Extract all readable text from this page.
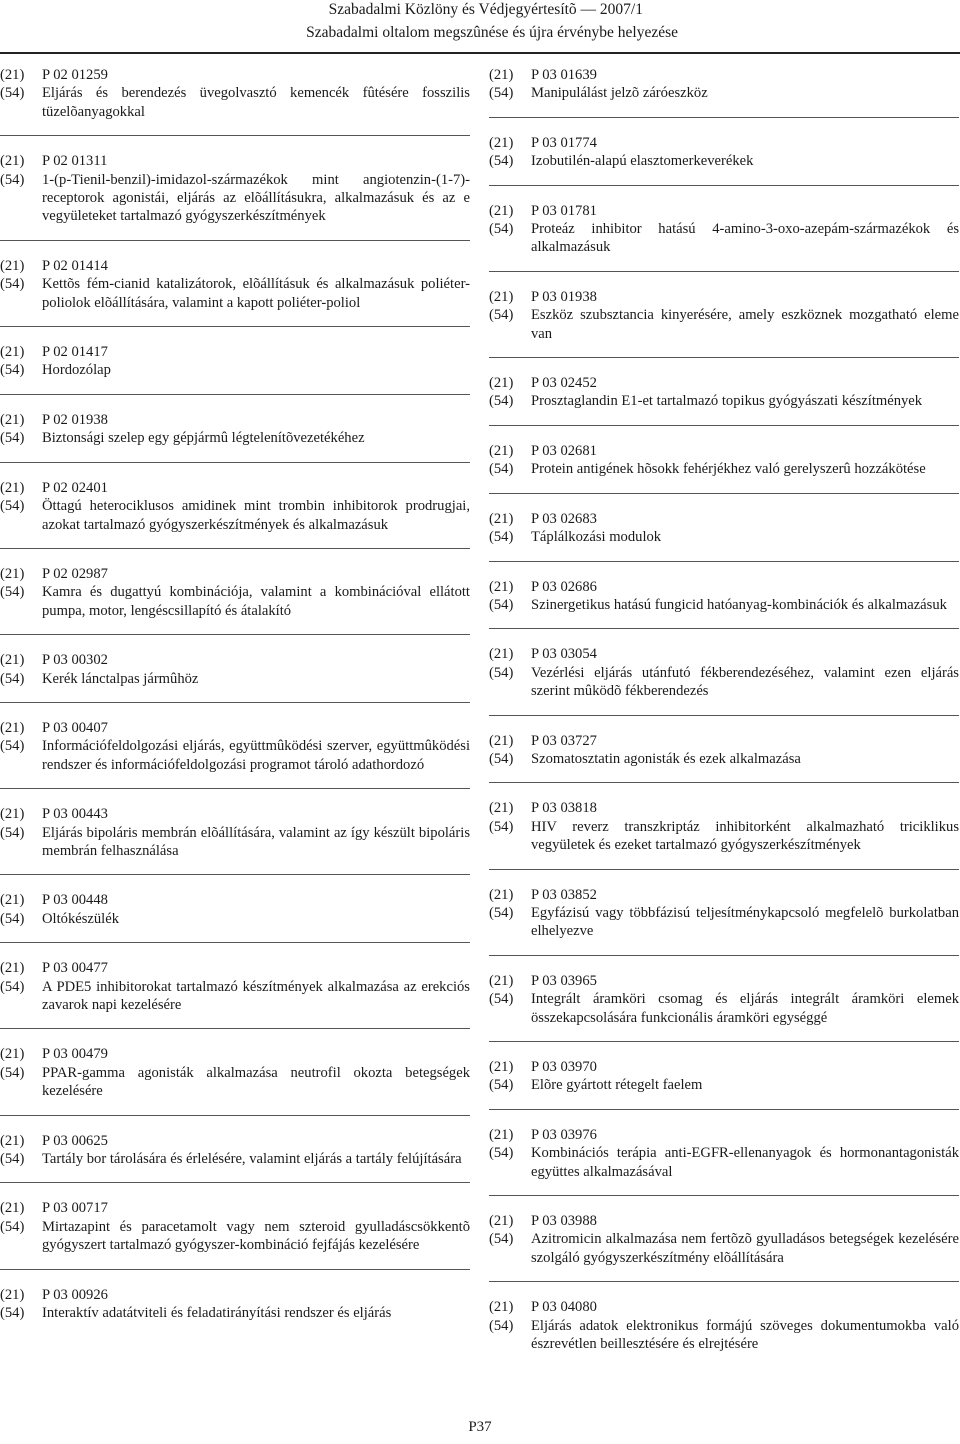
Szabadalmi Közlöny és Védjegyértesítõ — 2007/1
Szabadalmi oltalom megszûnése és újra érvénybe helyezése
(21)	P 02 01259
(54)	Eljárás és berendezés üvegolvasztó kemencék fûtésére fosszilis tüzelõanyagokkal
(21)	P 02 01311
(54)	1-(p-Tienil-benzil)-imidazol-származékok mint angiotenzin-(1-7)-receptorok agonistái, eljárás az elõállításukra, alkalmazásuk és az e vegyületeket tartalmazó gyógyszerkészítmények
(21)	P 02 01414
(54)	Kettõs fém-cianid katalizátorok, elõállításuk és alkalmazásuk poliéter-poliolok elõállítására, valamint a kapott poliéter-poliol
(21)	P 02 01417
(54)	Hordozólap
(21)	P 02 01938
(54)	Biztonsági szelep egy gépjármû légtelenítõvezetékéhez
(21)	P 02 02401
(54)	Öttagú heterociklusos amidinek mint trombin inhibitorok prodrugjai, azokat tartalmazó gyógyszerkészítmények és alkalmazásuk
(21)	P 02 02987
(54)	Kamra és dugattyú kombinációja, valamint a kombinációval ellátott pumpa, motor, lengéscsillapító és átalakító
(21)	P 03 00302
(54)	Kerék lánctalpas jármûhöz
(21)	P 03 00407
(54)	Információfeldolgozási eljárás, együttmûködési szerver, együttmûködési rendszer és információfeldolgozási programot tároló adathordozó
(21)	P 03 00443
(54)	Eljárás bipoláris membrán elõállítására, valamint az így készült bipoláris membrán felhasználása
(21)	P 03 00448
(54)	Oltókészülék
(21)	P 03 00477
(54)	A PDE5 inhibitorokat tartalmazó készítmények alkalmazása az erekciós zavarok napi kezelésére
(21)	P 03 00479
(54)	PPAR-gamma agonisták alkalmazása neutrofil okozta betegségek kezelésére
(21)	P 03 00625
(54)	Tartály bor tárolására és érlelésére, valamint eljárás a tartály felújítására
(21)	P 03 00717
(54)	Mirtazapint és paracetamolt vagy nem szteroid gyulladáscsökkentõ gyógyszert tartalmazó gyógyszer-kombináció fejfájás kezelésére
(21)	P 03 00926
(54)	Interaktív adatátviteli és feladatirányítási rendszer és eljárás
(21)	P 03 01639
(54)	Manipulálást jelzõ záróeszköz
(21)	P 03 01774
(54)	Izobutilén-alapú elasztomerkeverékek
(21)	P 03 01781
(54)	Proteáz inhibitor hatású 4-amino-3-oxo-azepám-származékok és alkalmazásuk
(21)	P 03 01938
(54)	Eszköz szubsztancia kinyerésére, amely eszköznek mozgatható eleme van
(21)	P 03 02452
(54)	Prosztaglandin E1-et tartalmazó topikus gyógyászati készítmények
(21)	P 03 02681
(54)	Protein antigének hõsokk fehérjékhez való gerelyszerû hozzákötése
(21)	P 03 02683
(54)	Táplálkozási modulok
(21)	P 03 02686
(54)	Szinergetikus hatású fungicid hatóanyag-kombinációk és alkalmazásuk
(21)	P 03 03054
(54)	Vezérlési eljárás utánfutó fékberendezéséhez, valamint ezen eljárás szerint mûködõ fékberendezés
(21)	P 03 03727
(54)	Szomatosztatin agonisták és ezek alkalmazása
(21)	P 03 03818
(54)	HIV reverz transzkriptáz inhibitorként alkalmazható triciklikus vegyületek és ezeket tartalmazó gyógyszerkészítmények
(21)	P 03 03852
(54)	Egyfázisú vagy többfázisú teljesítménykapcsoló megfelelõ burkolatban elhelyezve
(21)	P 03 03965
(54)	Integrált áramköri csomag és eljárás integrált áramköri elemek összekapcsolására funkcionális áramköri egységgé
(21)	P 03 03970
(54)	Elõre gyártott rétegelt faelem
(21)	P 03 03976
(54)	Kombinációs terápia anti-EGFR-ellenanyagok és hormonantagonisták együttes alkalmazásával
(21)	P 03 03988
(54)	Azitromicin alkalmazása nem fertõzõ gyulladásos betegségek kezelésére szolgáló gyógyszerkészítmény elõállítására
(21)	P 03 04080
(54)	Eljárás adatok elektronikus formájú szöveges dokumentumokba való észrevétlen beillesztésére és elrejtésére
P37
